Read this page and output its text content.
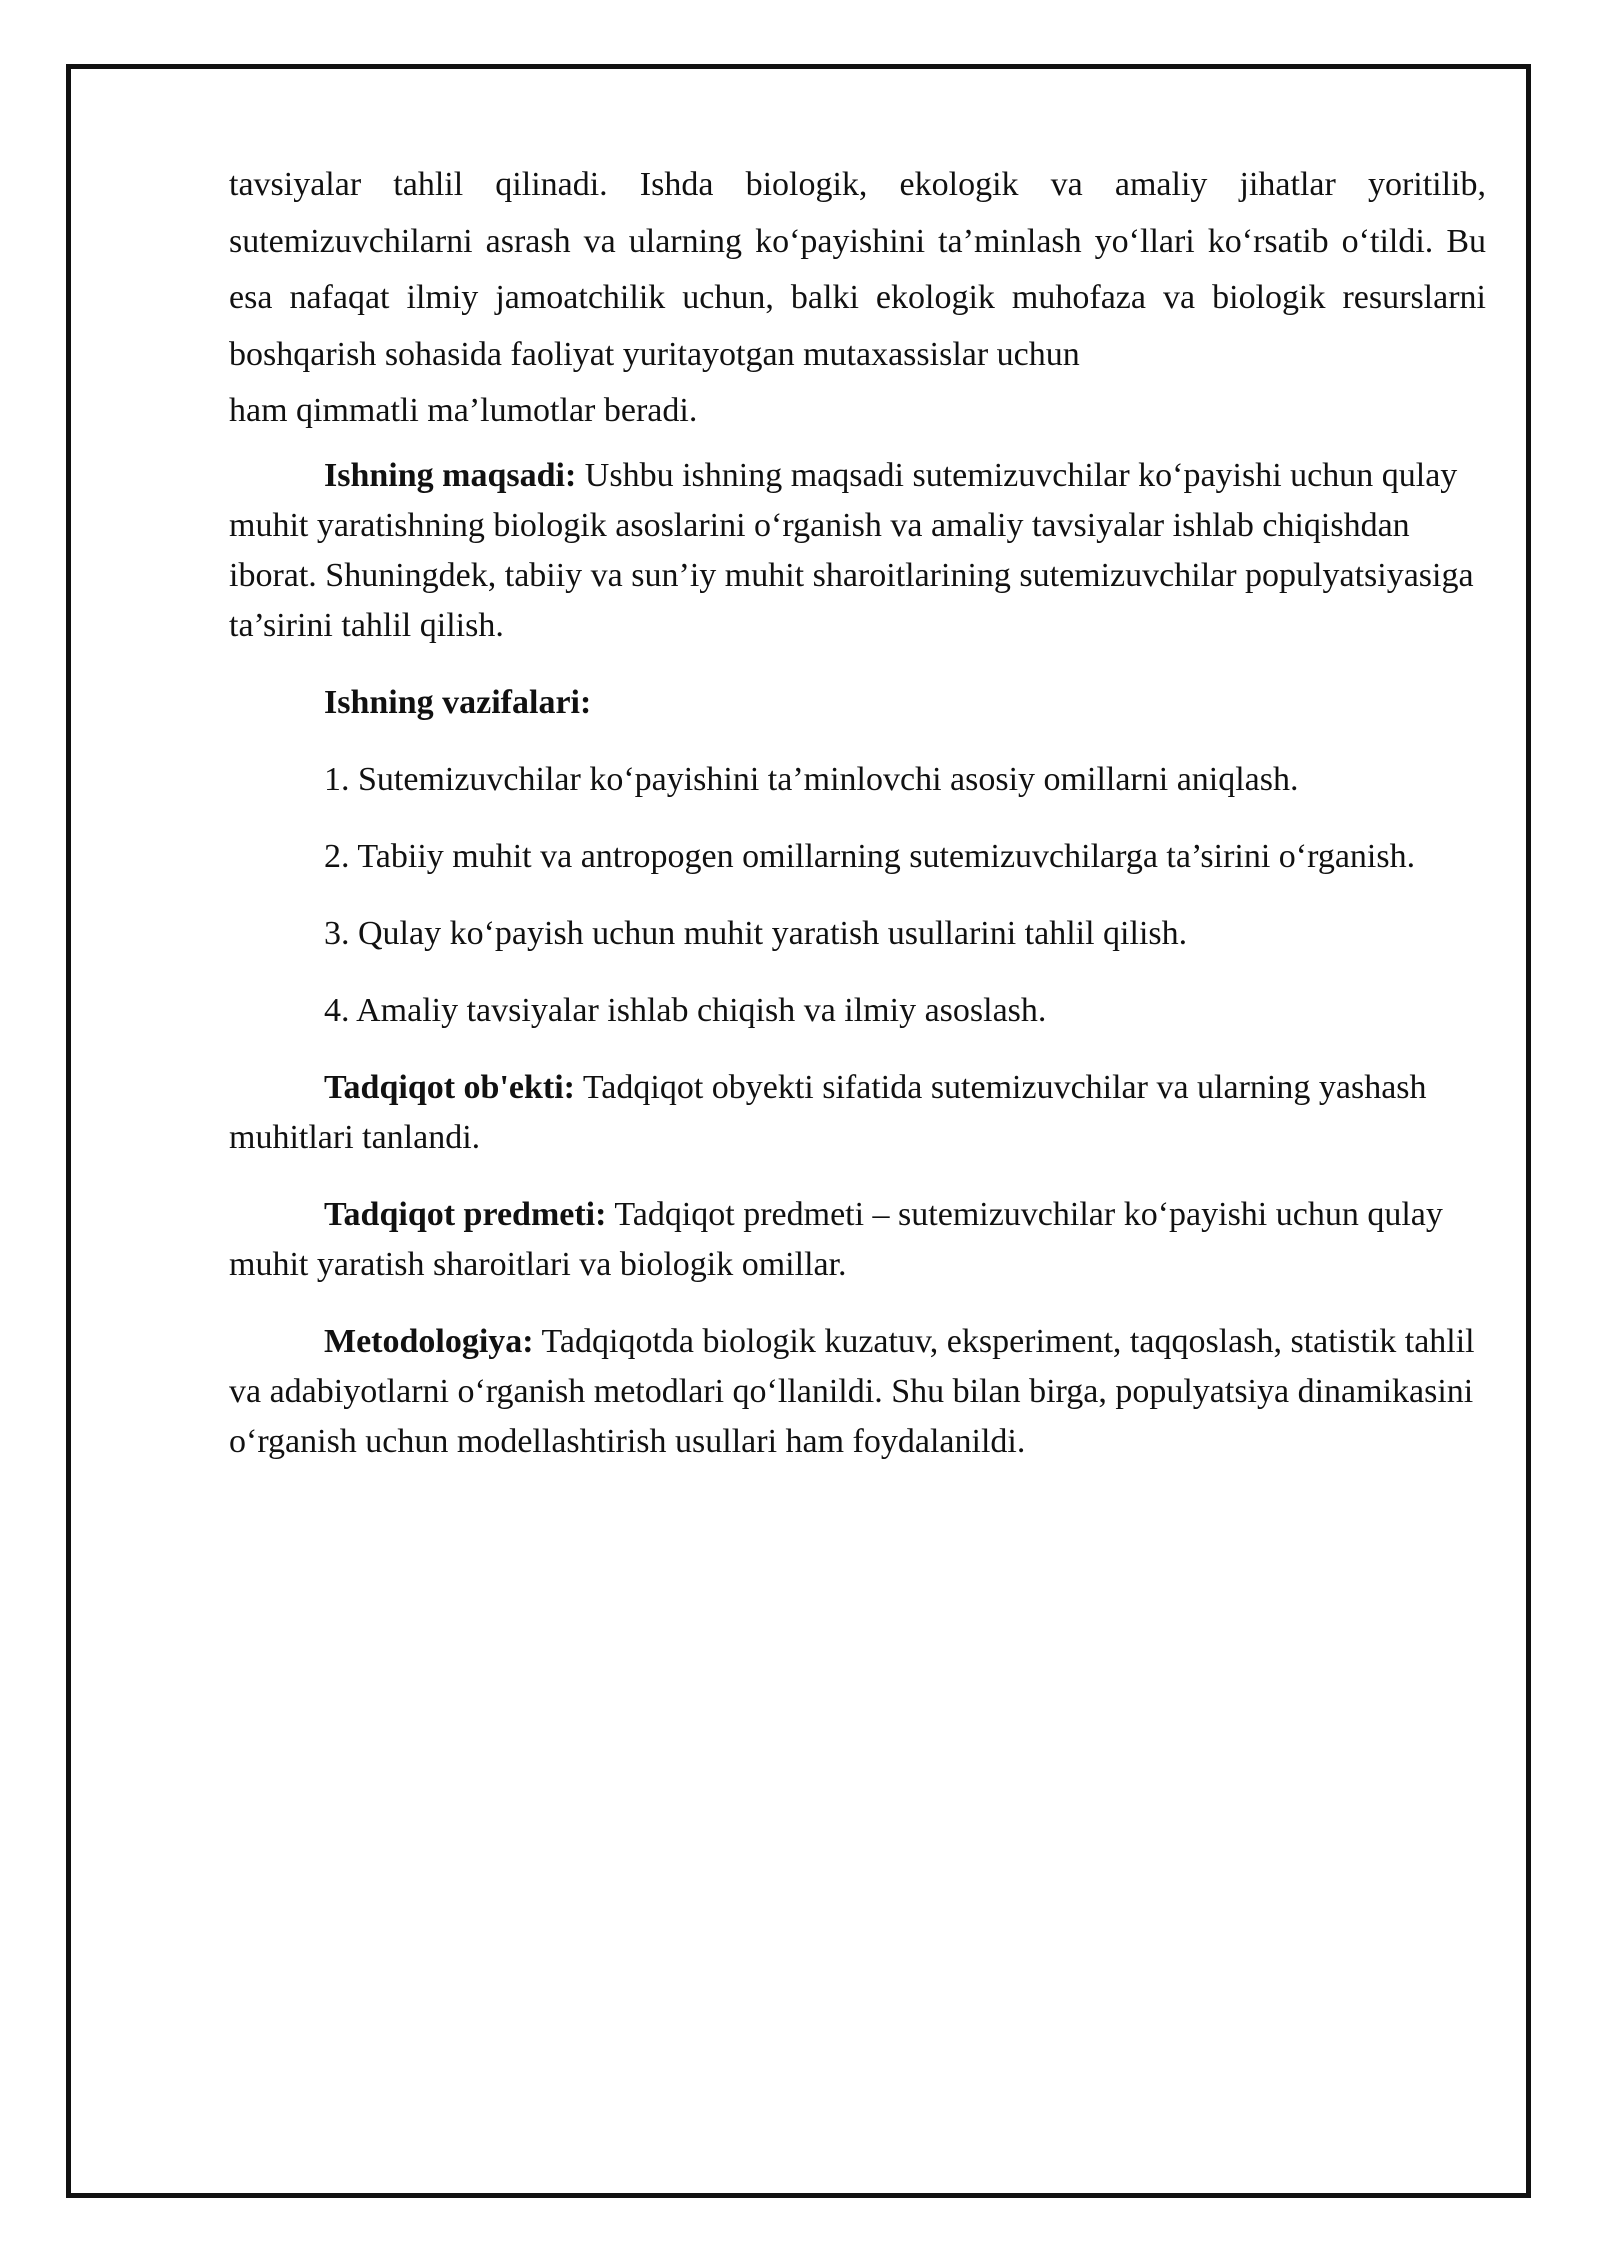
tavsiyalar tahlil qilinadi. Ishda biologik, ekologik va amaliy jihatlar yoritilib, sutemizuvchilarni asrash va ularning ko‘payishini ta’minlash yo‘llari ko‘rsatib o‘tildi. Bu esa nafaqat ilmiy jamoatchilik uchun, balki ekologik muhofaza va biologik resurslarni boshqarish sohasida faoliyat yuritayotgan mutaxassislar uchun

ham qimmatli ma’lumotlar beradi.

Ishning maqsadi: Ushbu ishning maqsadi sutemizuvchilar ko‘payishi uchun qulay muhit yaratishning biologik asoslarini o‘rganish va amaliy tavsiyalar ishlab chiqishdan iborat. Shuningdek, tabiiy va sun’iy muhit sharoitlarining sutemizuvchilar populyatsiyasiga ta’sirini tahlil qilish.

Ishning vazifalari:

1. Sutemizuvchilar ko‘payishini ta’minlovchi asosiy omillarni aniqlash.

2. Tabiiy muhit va antropogen omillarning sutemizuvchilarga ta’sirini o‘rganish.

3. Qulay ko‘payish uchun muhit yaratish usullarini tahlil qilish.

4. Amaliy tavsiyalar ishlab chiqish va ilmiy asoslash.

Tadqiqot ob'ekti: Tadqiqot obyekti sifatida sutemizuvchilar va ularning yashash muhitlari tanlandi.

Tadqiqot predmeti: Tadqiqot predmeti – sutemizuvchilar ko‘payishi uchun qulay muhit yaratish sharoitlari va biologik omillar.

Metodologiya: Tadqiqotda biologik kuzatuv, eksperiment, taqqoslash, statistik tahlil va adabiyotlarni o‘rganish metodlari qo‘llanildi. Shu bilan birga, populyatsiya dinamikasini o‘rganish uchun modellashtirish usullari ham foydalanildi.
